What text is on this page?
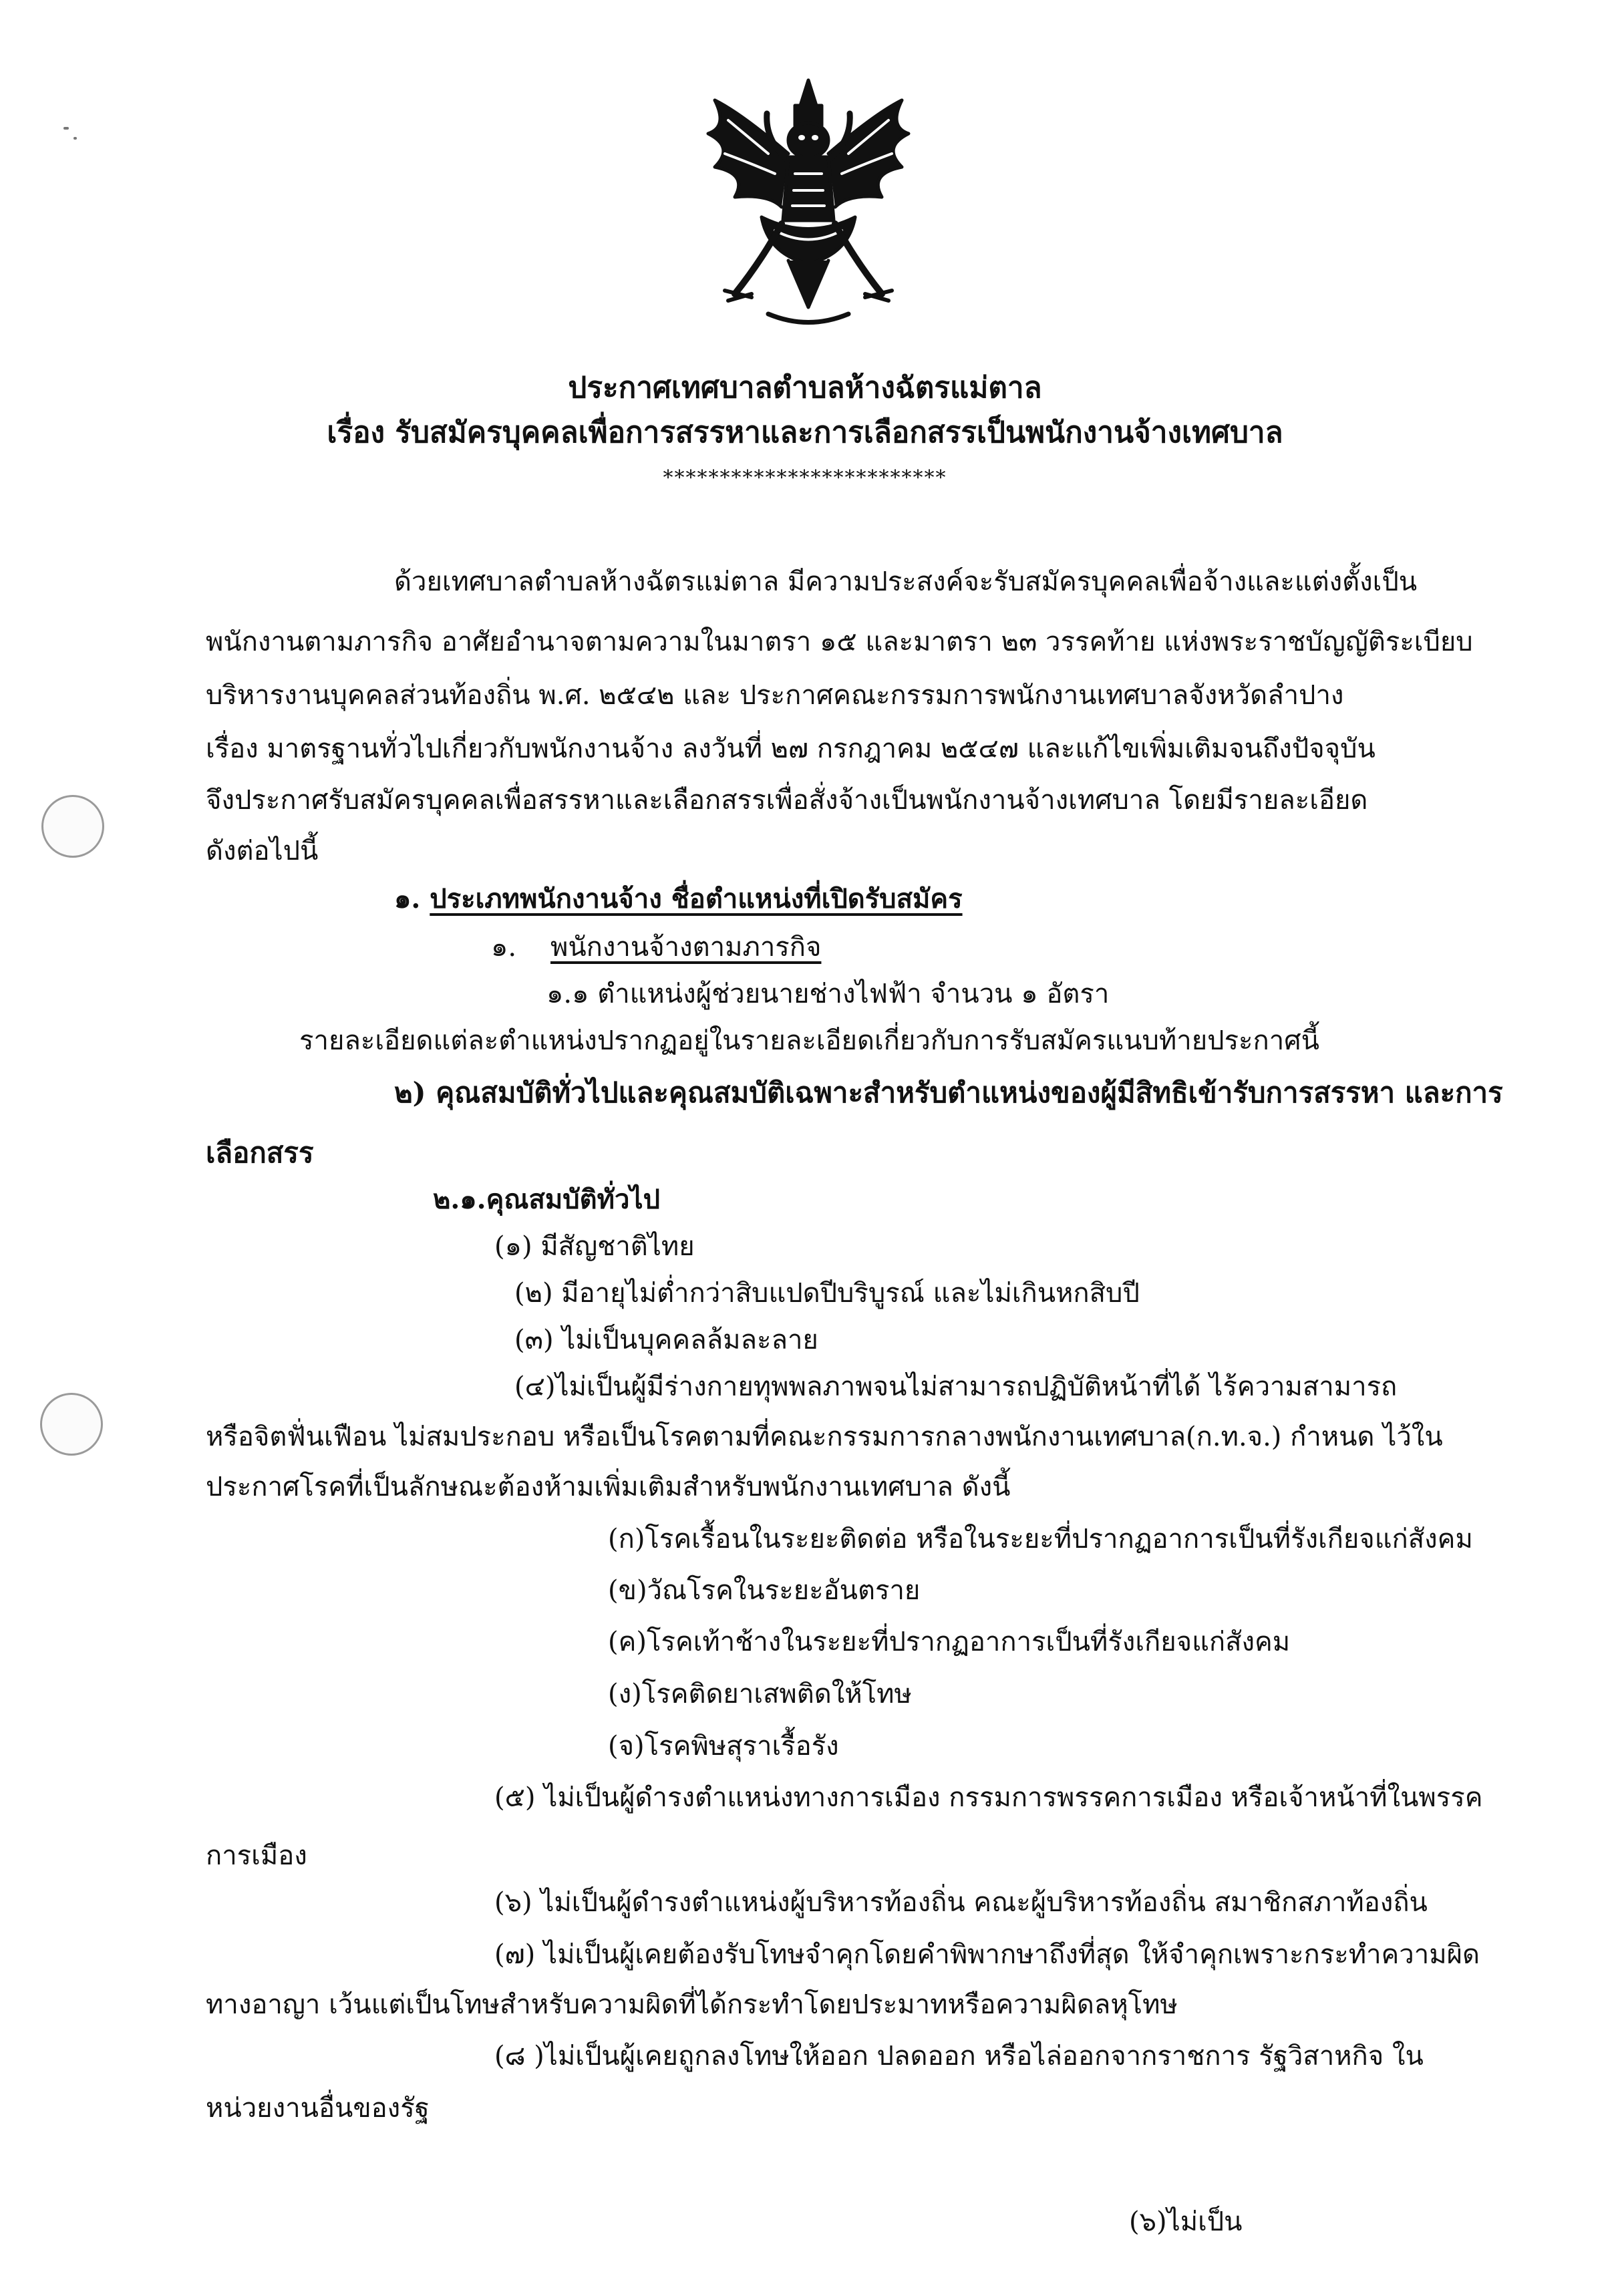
ประกาศเทศบาลตำบลห้างฉัตรแม่ตาล
เรื่อง รับสมัครบุคคลเพื่อการสรรหาและการเลือกสรรเป็นพนักงานจ้างเทศบาล
*************************
ด้วยเทศบาลตำบลห้างฉัตรแม่ตาล มีความประสงค์จะรับสมัครบุคคลเพื่อจ้างและแต่งตั้งเป็น
พนักงานตามภารกิจ อาศัยอำนาจตามความในมาตรา ๑๕ และมาตรา ๒๓ วรรคท้าย แห่งพระราชบัญญัติระเบียบ
บริหารงานบุคคลส่วนท้องถิ่น พ.ศ. ๒๕๔๒ และ ประกาศคณะกรรมการพนักงานเทศบาลจังหวัดลำปาง
เรื่อง มาตรฐานทั่วไปเกี่ยวกับพนักงานจ้าง ลงวันที่ ๒๗ กรกฎาคม ๒๕๔๗ และแก้ไขเพิ่มเติมจนถึงปัจจุบัน
จึงประกาศรับสมัครบุคคลเพื่อสรรหาและเลือกสรรเพื่อสั่งจ้างเป็นพนักงานจ้างเทศบาล โดยมีรายละเอียด
ดังต่อไปนี้
๑. ประเภทพนักงานจ้าง ชื่อตำแหน่งที่เปิดรับสมัคร
๑. พนักงานจ้างตามภารกิจ
๑.๑ ตำแหน่งผู้ช่วยนายช่างไฟฟ้า จำนวน ๑ อัตรา
รายละเอียดแต่ละตำแหน่งปรากฏอยู่ในรายละเอียดเกี่ยวกับการรับสมัครแนบท้ายประกาศนี้
๒) คุณสมบัติทั่วไปและคุณสมบัติเฉพาะสำหรับตำแหน่งของผู้มีสิทธิเข้ารับการสรรหา และการ
เลือกสรร
๒.๑.คุณสมบัติทั่วไป
(๑) มีสัญชาติไทย
(๒) มีอายุไม่ต่ำกว่าสิบแปดปีบริบูรณ์ และไม่เกินหกสิบปี
(๓) ไม่เป็นบุคคลล้มละลาย
(๔)ไม่เป็นผู้มีร่างกายทุพพลภาพจนไม่สามารถปฏิบัติหน้าที่ได้ ไร้ความสามารถ
หรือจิตฟั่นเฟือน ไม่สมประกอบ หรือเป็นโรคตามที่คณะกรรมการกลางพนักงานเทศบาล(ก.ท.จ.) กำหนด ไว้ใน
ประกาศโรคที่เป็นลักษณะต้องห้ามเพิ่มเติมสำหรับพนักงานเทศบาล ดังนี้
(ก)โรคเรื้อนในระยะติดต่อ หรือในระยะที่ปรากฏอาการเป็นที่รังเกียจแก่สังคม
(ข)วัณโรคในระยะอันตราย
(ค)โรคเท้าช้างในระยะที่ปรากฏอาการเป็นที่รังเกียจแก่สังคม
(ง)โรคติดยาเสพติดให้โทษ
(จ)โรคพิษสุราเรื้อรัง
(๕) ไม่เป็นผู้ดำรงตำแหน่งทางการเมือง กรรมการพรรคการเมือง หรือเจ้าหน้าที่ในพรรค
การเมือง
(๖) ไม่เป็นผู้ดำรงตำแหน่งผู้บริหารท้องถิ่น คณะผู้บริหารท้องถิ่น สมาชิกสภาท้องถิ่น
(๗) ไม่เป็นผู้เคยต้องรับโทษจำคุกโดยคำพิพากษาถึงที่สุด ให้จำคุกเพราะกระทำความผิด
ทางอาญา เว้นแต่เป็นโทษสำหรับความผิดที่ได้กระทำโดยประมาทหรือความผิดลหุโทษ
(๘ )ไม่เป็นผู้เคยถูกลงโทษให้ออก ปลดออก หรือไล่ออกจากราชการ รัฐวิสาหกิจ ใน
หน่วยงานอื่นของรัฐ
(๖)ไม่เป็น
